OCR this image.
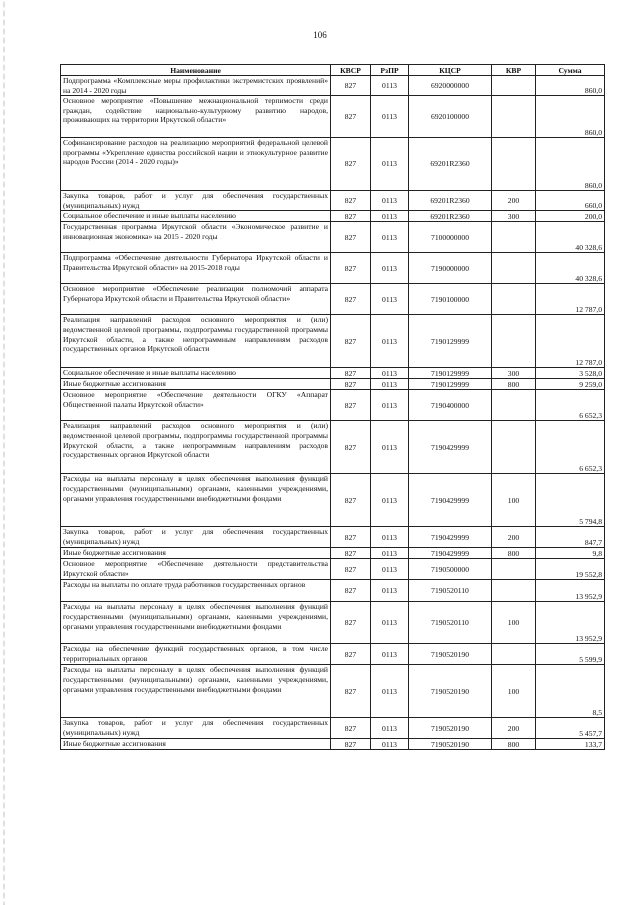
106
Наименование	КВСР	РзПР	КЦСР	КВР	Сумма
Подпрограмма «Комплексные меры профилактики экстремистских проявлений» на 2014 - 2020 годы	827	0113	6920000000		860,0
Основное мероприятие «Повышение межнациональной терпимости среди граждан, содействие национально-культурному развитию народов, проживающих на территории Иркутской области»	827	0113	6920100000		860,0
Софинансирование расходов на реализацию мероприятий федеральной целевой программы «Укрепление единства российской нации и этнокультурное развитие народов России (2014 - 2020 годы)»	827	0113	69201R2360		860,0
Закупка товаров, работ и услуг для обеспечения государственных (муниципальных) нужд	827	0113	69201R2360	200	660,0
Социальное обеспечение и иные выплаты населению	827	0113	69201R2360	300	200,0
Государственная программа Иркутской области «Экономическое развитие и инновационная экономика» на 2015 - 2020 годы	827	0113	7100000000		40 328,6
Подпрограмма «Обеспечение деятельности Губернатора Иркутской области и Правительства Иркутской области» на 2015-2018 годы	827	0113	7190000000		40 328,6
Основное мероприятие «Обеспечение реализации полномочий аппарата Губернатора Иркутской области и Правительства Иркутской области»	827	0113	7190100000		12 787,0
Реализация направлений расходов основного мероприятия и (или) ведомственной целевой программы, подпрограммы государственной программы Иркутской области, а также непрограммным направлениям расходов государственных органов Иркутской области	827	0113	7190129999		12 787,0
Социальное обеспечение и иные выплаты населению	827	0113	7190129999	300	3 528,0
Иные бюджетные ассигнования	827	0113	7190129999	800	9 259,0
Основное мероприятие «Обеспечение деятельности ОГКУ «Аппарат Общественной палаты Иркутской области»	827	0113	7190400000		6 652,3
Реализация направлений расходов основного мероприятия и (или) ведомственной целевой программы, подпрограммы государственной программы Иркутской области, а также непрограммным направлениям расходов государственных органов Иркутской области	827	0113	7190429999		6 652,3
Расходы на выплаты персоналу в целях обеспечения выполнения функций государственными (муниципальными) органами, казенными учреждениями, органами управления государственными внебюджетными фондами	827	0113	7190429999	100	5 794,8
Закупка товаров, работ и услуг для обеспечения государственных (муниципальных) нужд	827	0113	7190429999	200	847,7
Иные бюджетные ассигнования	827	0113	7190429999	800	9,8
Основное мероприятие «Обеспечение деятельности представительства Иркутской области»	827	0113	7190500000		19 552,8
Расходы на выплаты по оплате труда работников государственных органов	827	0113	7190520110		13 952,9
Расходы на выплаты персоналу в целях обеспечения выполнения функций государственными (муниципальными) органами, казенными учреждениями, органами управления государственными внебюджетными фондами	827	0113	7190520110	100	13 952,9
Расходы на обеспечение функций государственных органов, в том числе территориальных органов	827	0113	7190520190		5 599,9
Расходы на выплаты персоналу в целях обеспечения выполнения функций государственными (муниципальными) органами, казенными учреждениями, органами управления государственными внебюджетными фондами	827	0113	7190520190	100	8,5
Закупка товаров, работ и услуг для обеспечения государственных (муниципальных) нужд	827	0113	7190520190	200	5 457,7
Иные бюджетные ассигнования	827	0113	7190520190	800	133,7
